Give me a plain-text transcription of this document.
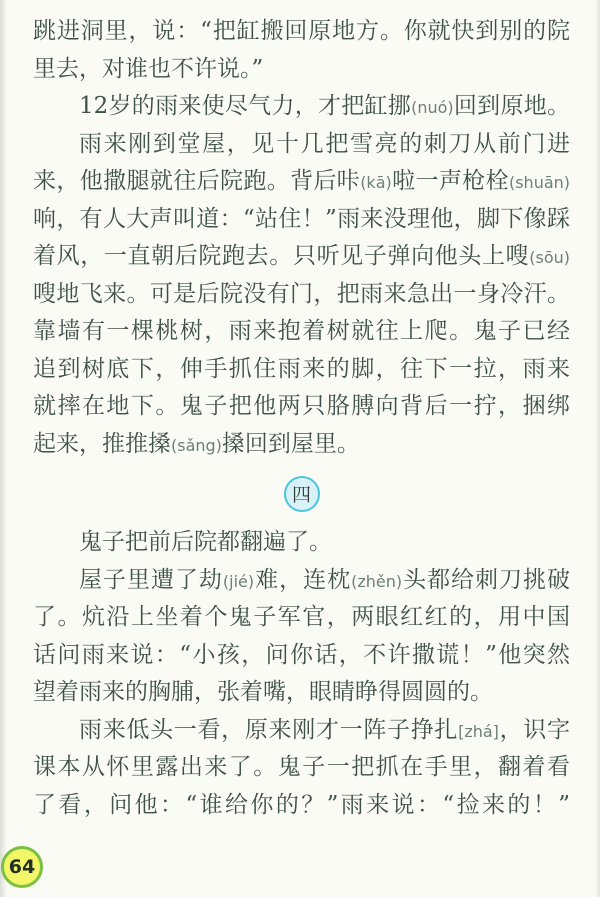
跳进洞里，说：“把缸搬回原地方。你就快到别的院
里去，对谁也不许说。”
12岁的雨来使尽气力，才把缸挪(nuó)回到原地。
雨来刚到堂屋，见十几把雪亮的刺刀从前门进
来，他撒腿就往后院跑。背后咔(kā)啦一声枪栓(shuān)
响，有人大声叫道：“站住！”雨来没理他，脚下像踩
着风，一直朝后院跑去。只听见子弹向他头上嗖(sōu)
嗖地飞来。可是后院没有门，把雨来急出一身冷汗。
靠墙有一棵桃树，雨来抱着树就往上爬。鬼子已经
追到树底下，伸手抓住雨来的脚，往下一拉，雨来
就摔在地下。鬼子把他两只胳膊向背后一拧，捆绑
起来，推推搡(sǎng)搡回到屋里。
四
鬼子把前后院都翻遍了。
屋子里遭了劫(jié)难，连枕(zhěn)头都给刺刀挑破
了。炕沿上坐着个鬼子军官，两眼红红的，用中国
话问雨来说：“小孩，问你话，不许撒谎！”他突然
望着雨来的胸脯，张着嘴，眼睛睁得圆圆的。
雨来低头一看，原来刚才一阵子挣扎[zhá]，识字
课本从怀里露出来了。鬼子一把抓在手里，翻着看
了看，问他：“谁给你的？”雨来说：“捡来的！”
64
